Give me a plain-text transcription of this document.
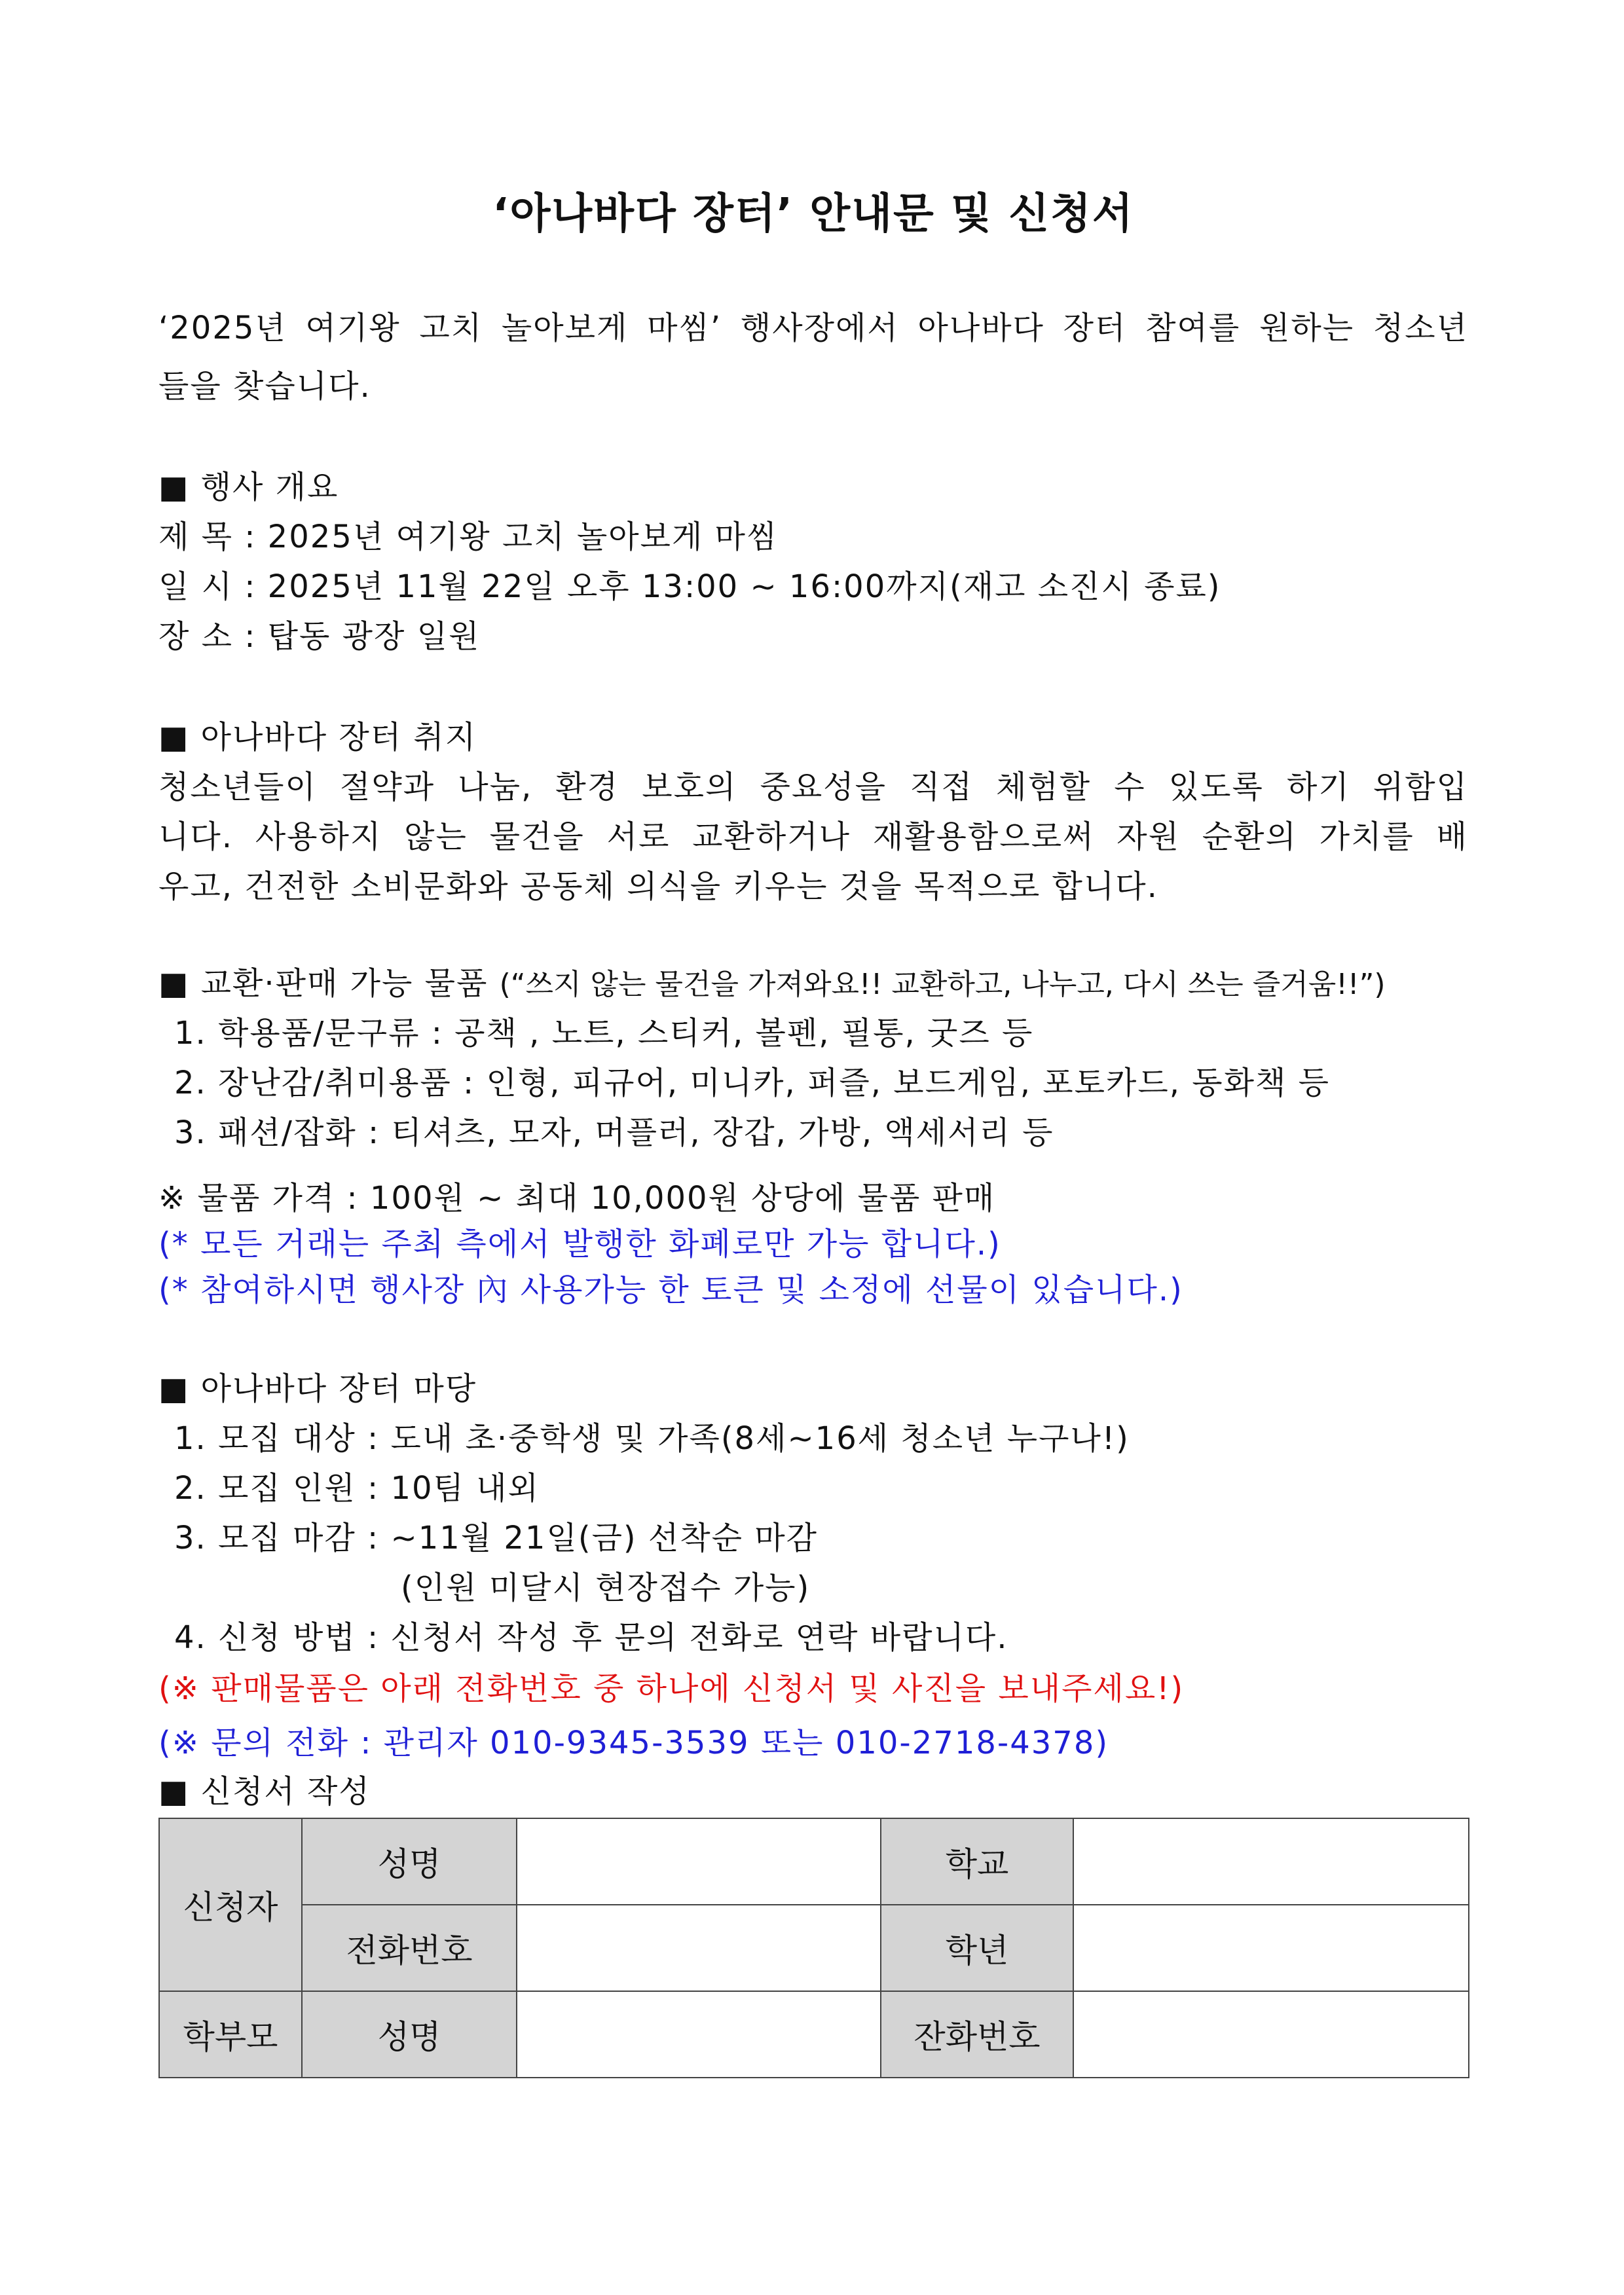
‘아나바다 장터’ 안내문 및 신청서
‘2025년 여기왕 고치 놀아보게 마씸’ 행사장에서 아나바다 장터 참여를 원하는 청소년
들을 찾습니다.
■ 행사 개요
제 목 : 2025년 여기왕 고치 놀아보게 마씸
일 시 : 2025년 11월 22일 오후 13:00 ~ 16:00까지(재고 소진시 종료)
장 소 : 탑동 광장 일원
■ 아나바다 장터 취지
청소년들이 절약과 나눔, 환경 보호의 중요성을 직접 체험할 수 있도록 하기 위함입
니다. 사용하지 않는 물건을 서로 교환하거나 재활용함으로써 자원 순환의 가치를 배
우고, 건전한 소비문화와 공동체 의식을 키우는 것을 목적으로 합니다.
■ 교환·판매 가능 물품 (“쓰지 않는 물건을 가져와요!! 교환하고, 나누고, 다시 쓰는 즐거움!!”)
1. 학용품/문구류 : 공책 , 노트, 스티커, 볼펜, 필통, 굿즈 등
2. 장난감/취미용품 : 인형, 피규어, 미니카, 퍼즐, 보드게임, 포토카드, 동화책 등
3. 패션/잡화 : 티셔츠, 모자, 머플러, 장갑, 가방, 액세서리 등
※ 물품 가격 : 100원 ~ 최대 10,000원 상당에 물품 판매
(* 모든 거래는 주최 측에서 발행한 화폐로만 가능 합니다.)
(* 참여하시면 행사장 內 사용가능 한 토큰 및 소정에 선물이 있습니다.)
■ 아나바다 장터 마당
1. 모집 대상 : 도내 초·중학생 및 가족(8세~16세 청소년 누구나!)
2. 모집 인원 : 10팀 내외
3. 모집 마감 : ~11월 21일(금) 선착순 마감
(인원 미달시 현장접수 가능)
4. 신청 방법 : 신청서 작성 후 문의 전화로 연락 바랍니다.
(※ 판매물품은 아래 전화번호 중 하나에 신청서 및 사진을 보내주세요!)
(※ 문의 전화 : 관리자 010-9345-3539 또는 010-2718-4378)
■ 신청서 작성
신청자	성명		학교	
	전화번호		학년	
학부모	성명		잔화번호	
